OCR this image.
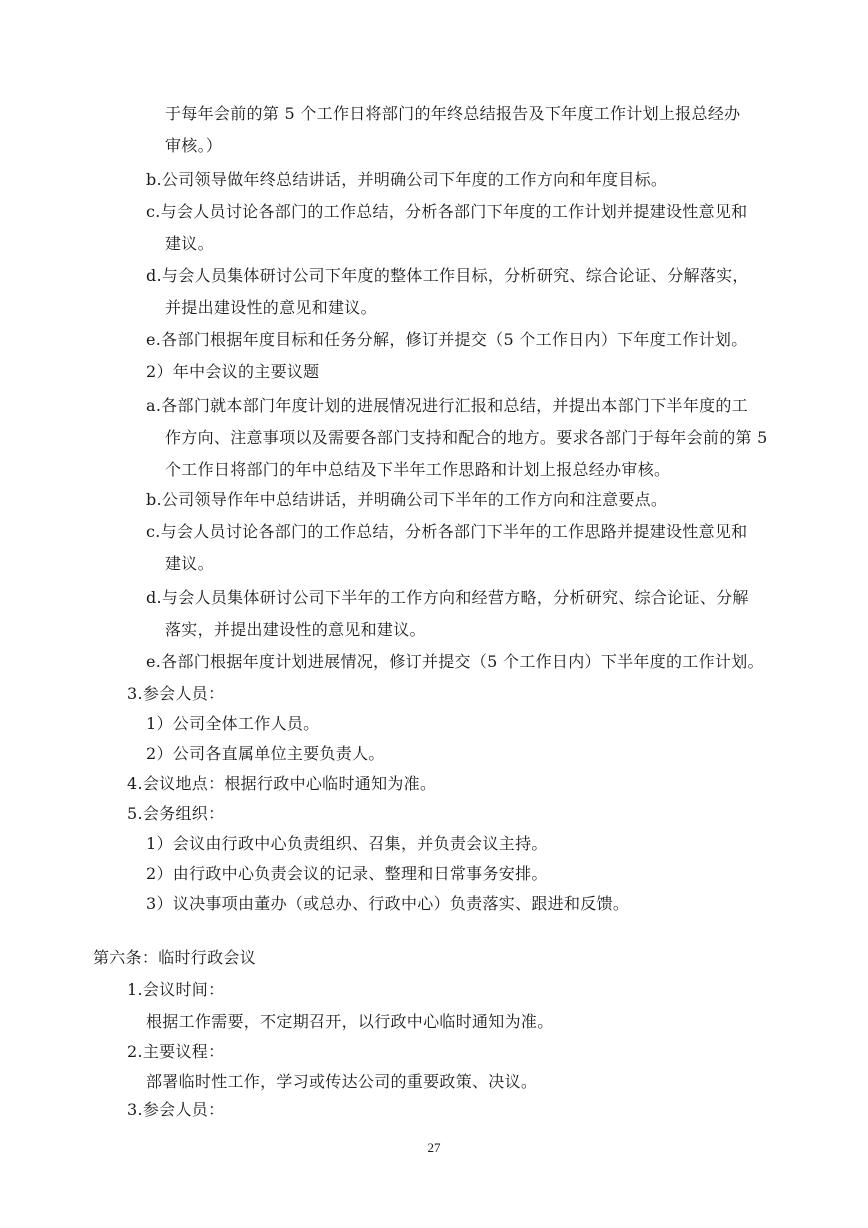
于每年会前的第 5 个工作日将部门的年终总结报告及下年度工作计划上报总经办
审核。）
b.公司领导做年终总结讲话，并明确公司下年度的工作方向和年度目标。
c.与会人员讨论各部门的工作总结，分析各部门下年度的工作计划并提建设性意见和
建议。
d.与会人员集体研讨公司下年度的整体工作目标，分析研究、综合论证、分解落实，
并提出建设性的意见和建议。
e.各部门根据年度目标和任务分解，修订并提交（5 个工作日内）下年度工作计划。
2）年中会议的主要议题
a.各部门就本部门年度计划的进展情况进行汇报和总结，并提出本部门下半年度的工
作方向、注意事项以及需要各部门支持和配合的地方。要求各部门于每年会前的第 5
个工作日将部门的年中总结及下半年工作思路和计划上报总经办审核。
b.公司领导作年中总结讲话，并明确公司下半年的工作方向和注意要点。
c.与会人员讨论各部门的工作总结，分析各部门下半年的工作思路并提建设性意见和
建议。
d.与会人员集体研讨公司下半年的工作方向和经营方略，分析研究、综合论证、分解
落实，并提出建设性的意见和建议。
e.各部门根据年度计划进展情况，修订并提交（5 个工作日内）下半年度的工作计划。
3.参会人员：
1）公司全体工作人员。
2）公司各直属单位主要负责人。
4.会议地点：根据行政中心临时通知为准。
5.会务组织：
1）会议由行政中心负责组织、召集，并负责会议主持。
2）由行政中心负责会议的记录、整理和日常事务安排。
3）议决事项由董办（或总办、行政中心）负责落实、跟进和反馈。
第六条：临时行政会议
1.会议时间：
根据工作需要，不定期召开，以行政中心临时通知为准。
2.主要议程：
部署临时性工作，学习或传达公司的重要政策、决议。
3.参会人员：
27
